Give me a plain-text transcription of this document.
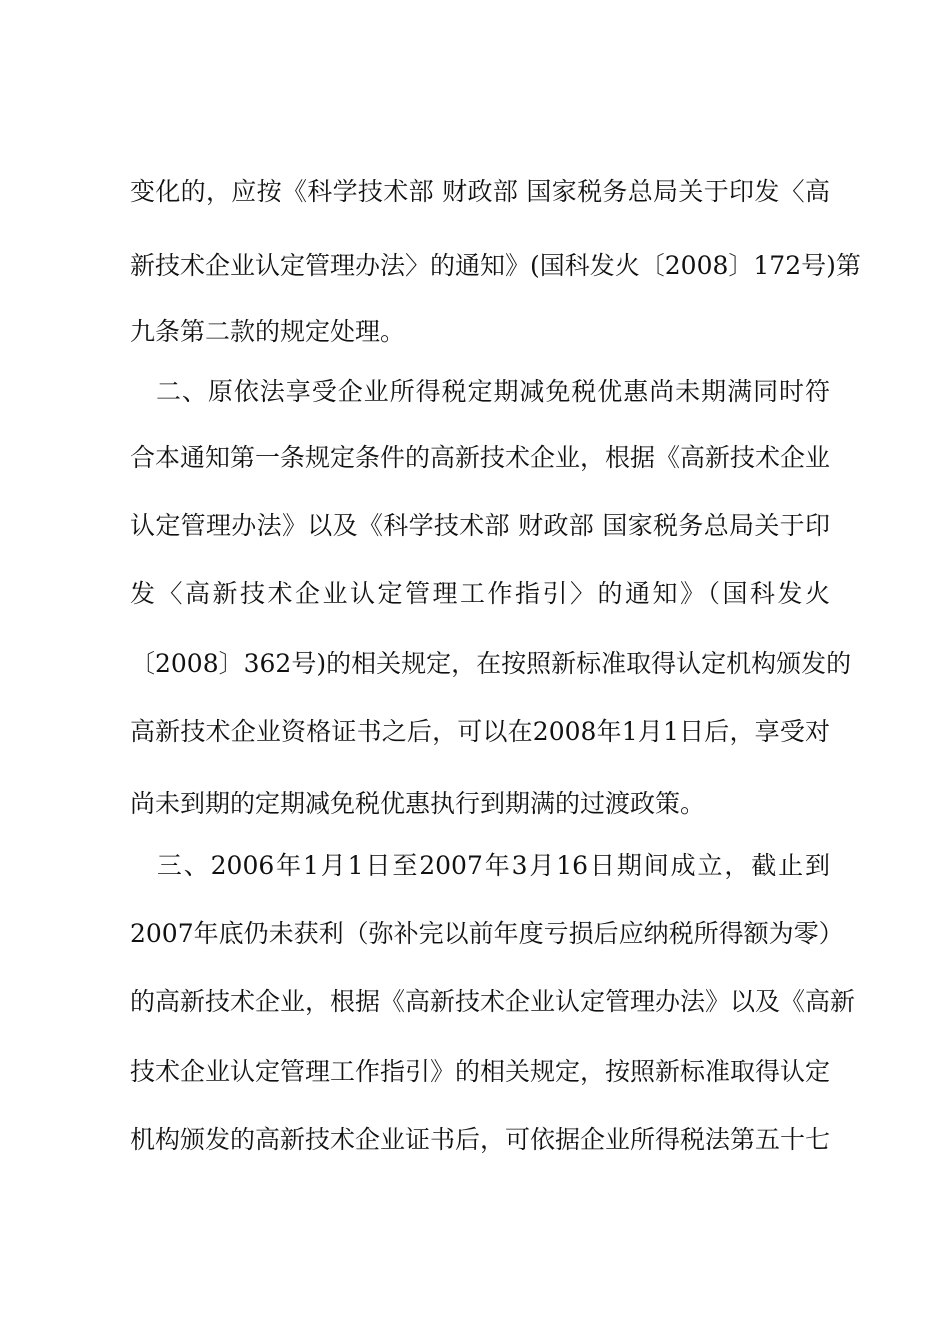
变化的，应按《科学技术部 财政部 国家税务总局关于印发〈高
新技术企业认定管理办法〉的通知》(国科发火〔2008〕172号)第
九条第二款的规定处理。
　二、原依法享受企业所得税定期减免税优惠尚未期满同时符
合本通知第一条规定条件的高新技术企业，根据《高新技术企业
认定管理办法》以及《科学技术部 财政部 国家税务总局关于印
发〈高新技术企业认定管理工作指引〉的通知》（国科发火
〔2008〕362号)的相关规定，在按照新标准取得认定机构颁发的
高新技术企业资格证书之后，可以在2008年1月1日后，享受对
尚未到期的定期减免税优惠执行到期满的过渡政策。
　三、2006年1月1日至2007年3月16日期间成立，截止到
2007年底仍未获利（弥补完以前年度亏损后应纳税所得额为零）
的高新技术企业，根据《高新技术企业认定管理办法》以及《高新
技术企业认定管理工作指引》的相关规定，按照新标准取得认定
机构颁发的高新技术企业证书后，可依据企业所得税法第五十七
